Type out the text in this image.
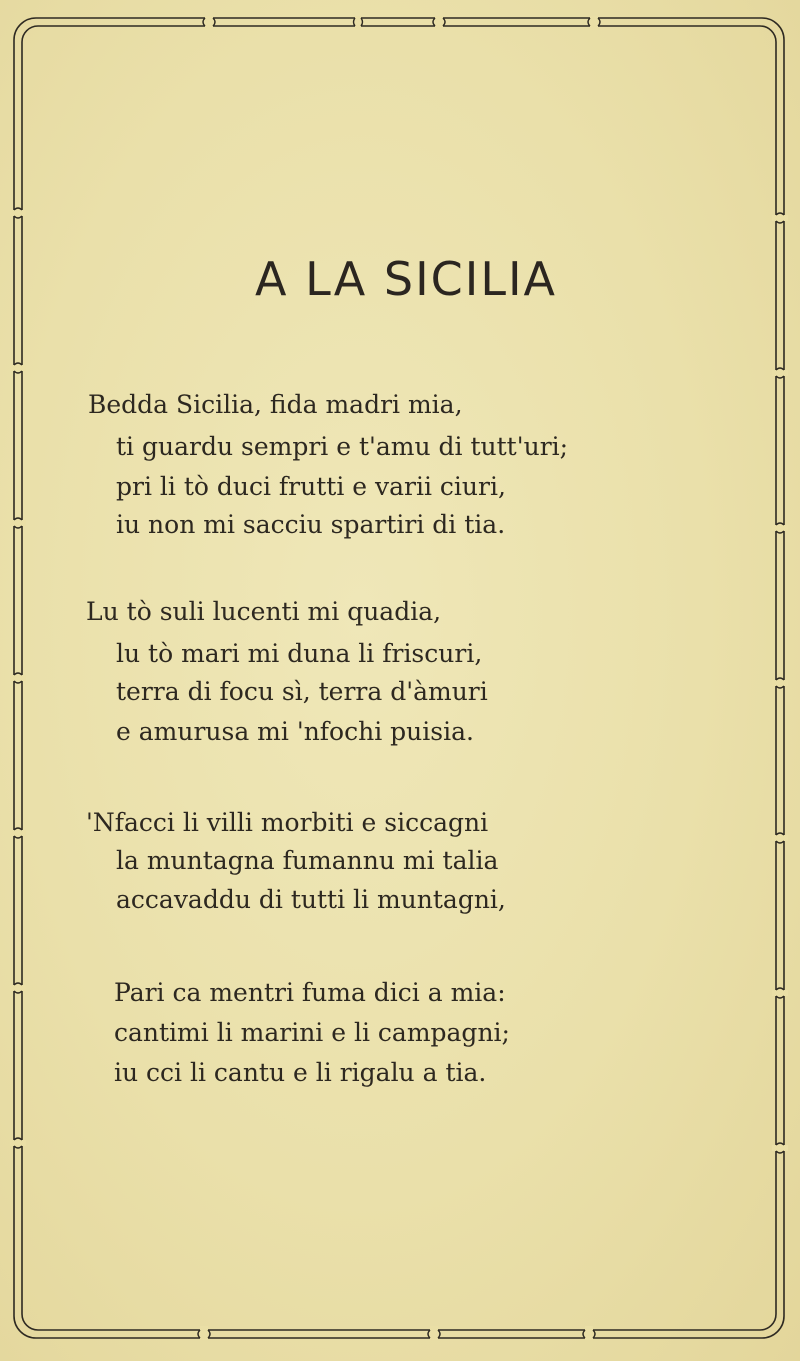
A LA SICILIA
Bedda Sicilia, fida madri mia,
ti guardu sempri e t'amu di tutt'uri;
pri li tò duci frutti e varii ciuri,
iu non mi sacciu spartiri di tia.
Lu tò suli lucenti mi quadia,
lu tò mari mi duna li friscuri,
terra di focu sì, terra d'àmuri
e amurusa mi 'nfochi puisia.
'Nfacci li villi morbiti e siccagni
la muntagna fumannu mi talia
accavaddu di tutti li muntagni,
Pari ca mentri fuma dici a mia:
cantimi li marini e li campagni;
iu cci li cantu e li rigalu a tia.
